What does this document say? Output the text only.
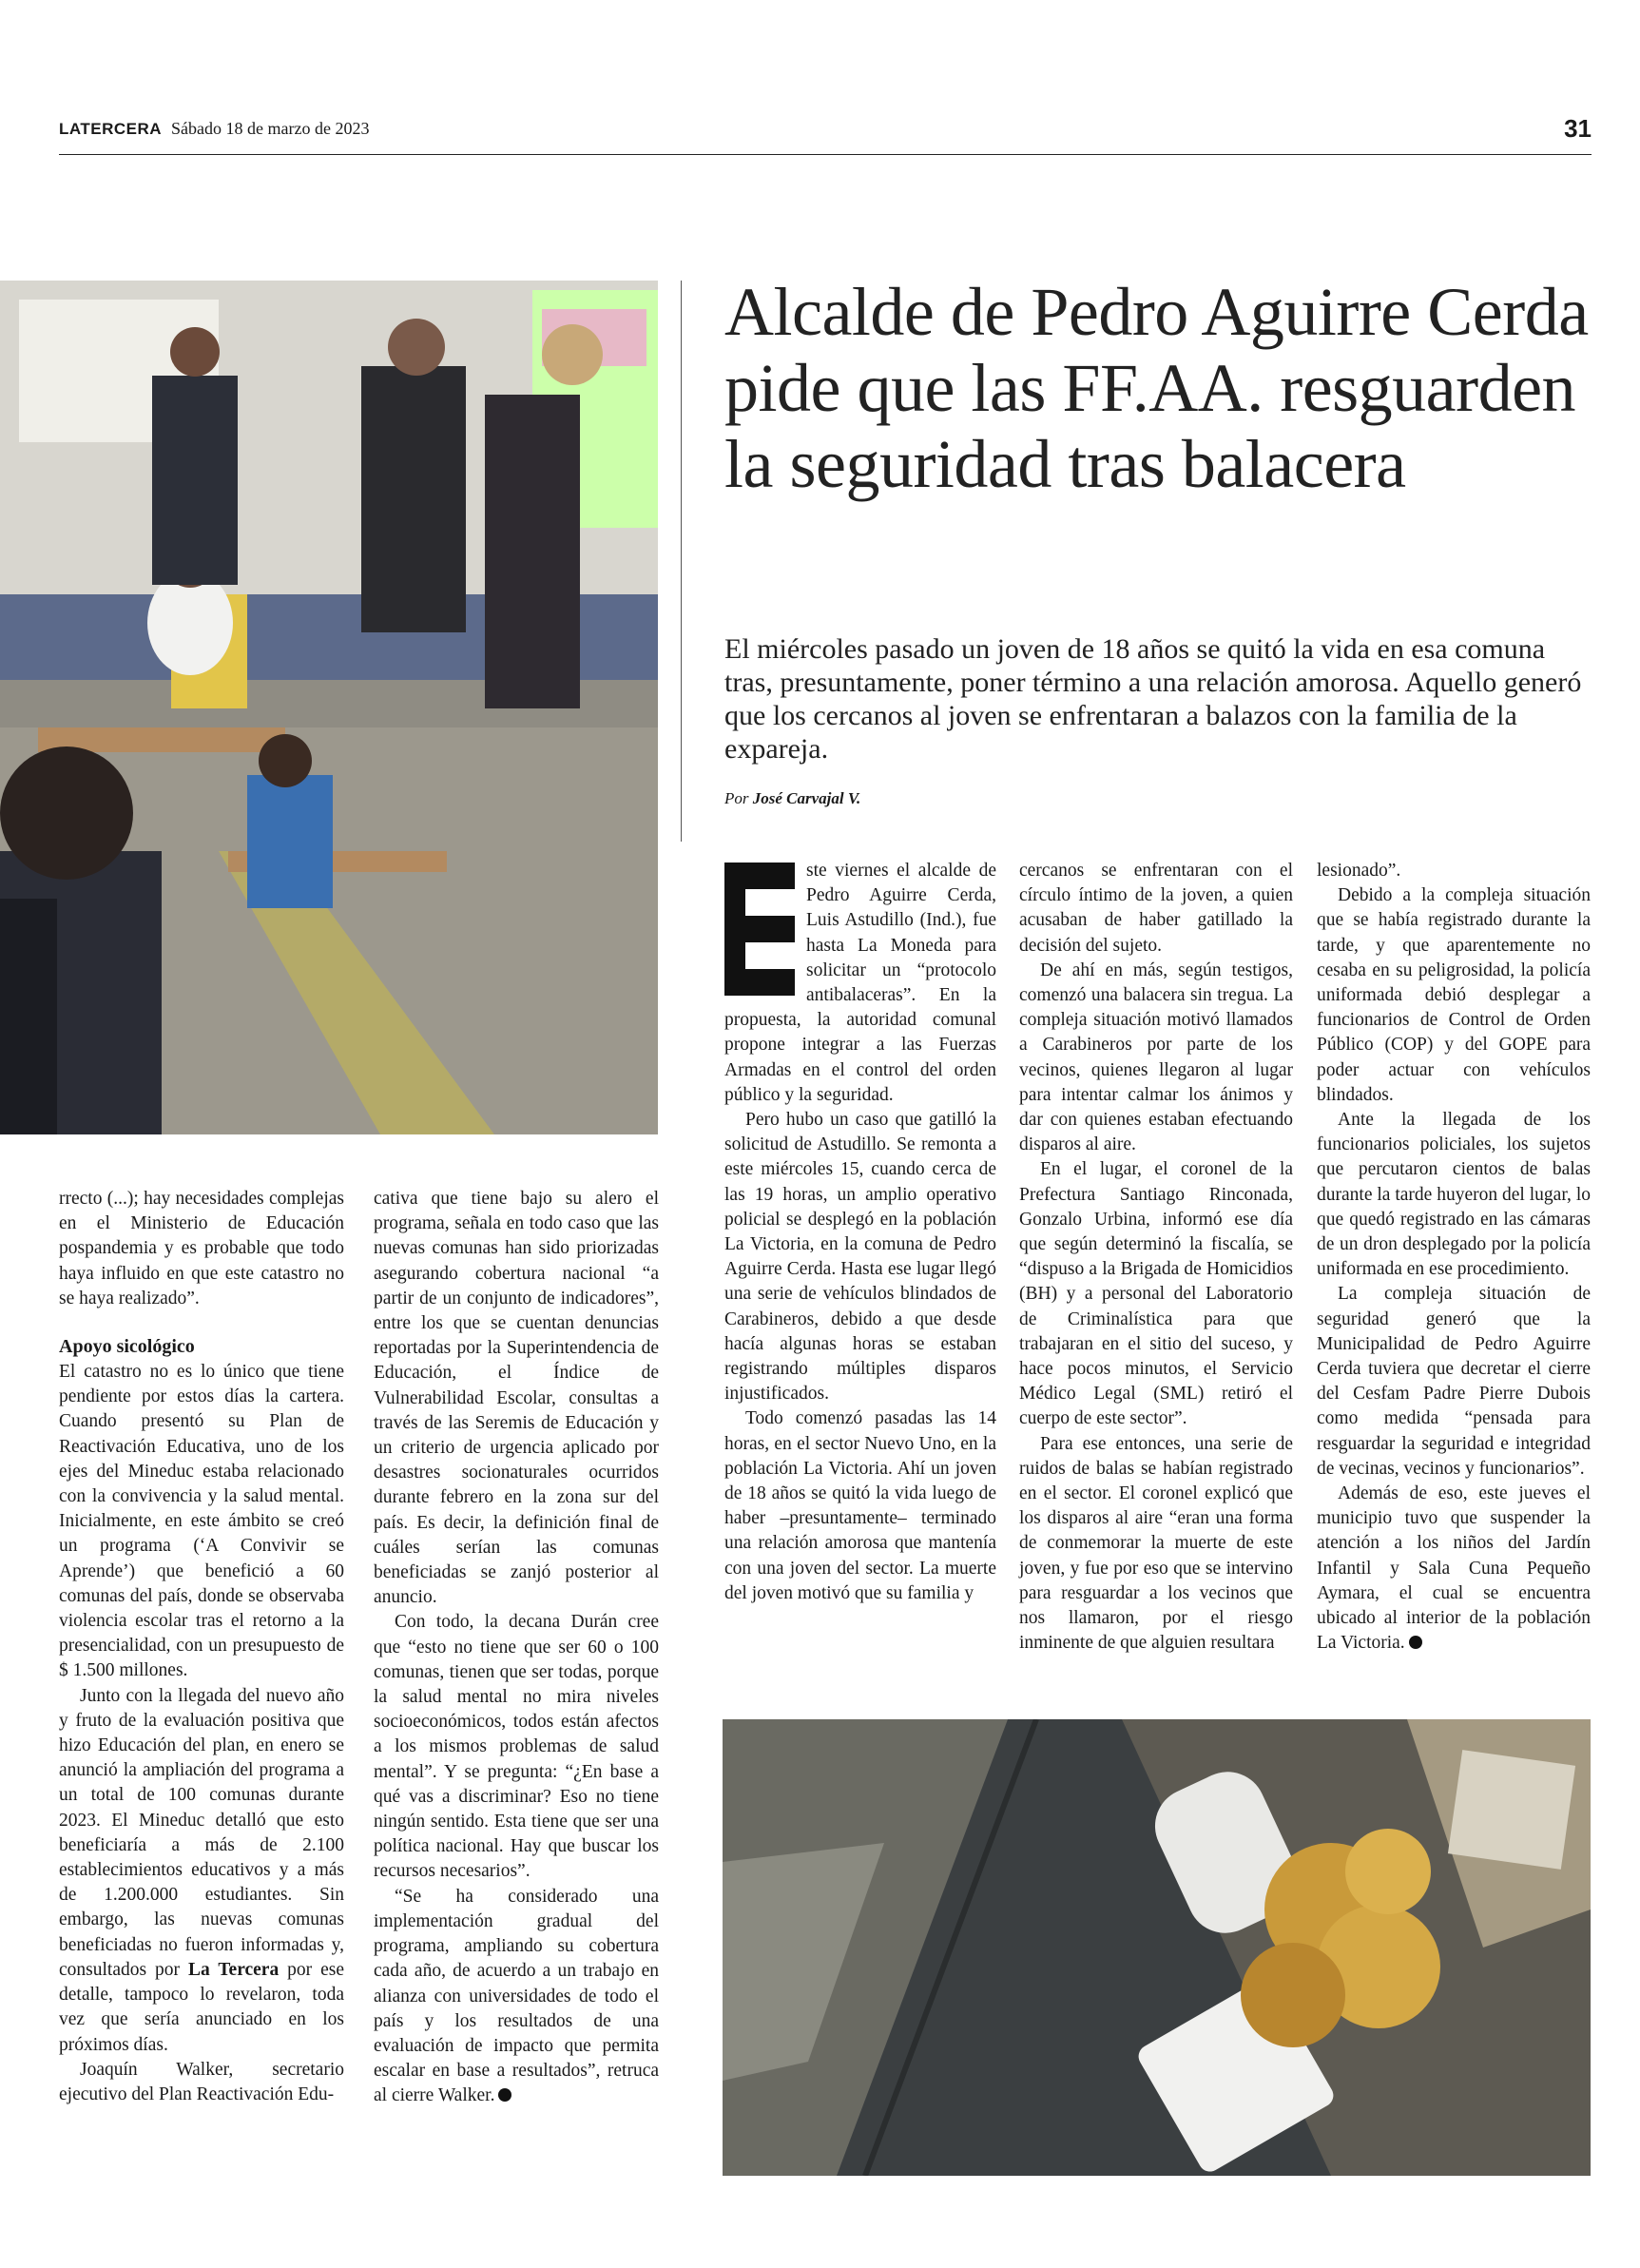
LATERCERA Sábado 18 de marzo de 2023	31
Alcalde de Pedro Aguirre Cerda pide que las FF.AA. resguarden la seguridad tras balacera

El miércoles pasado un joven de 18 años se quitó la vida en esa comuna tras, presuntamente, poner término a una relación amorosa. Aquello generó que los cercanos al joven se enfrentaran a balazos con la familia de la expareja.

Por José Carvajal V.

rrecto (...); hay necesidades complejas en el Ministerio de Educación pospandemia y es probable que todo haya influido en que este catastro no se haya realizado”.

Apoyo sicológico

El catastro no es lo único que tiene pendiente por estos días la cartera. Cuando presentó su Plan de Reactivación Educativa, uno de los ejes del Mineduc estaba relacionado con la convivencia y la salud mental. Inicialmente, en este ámbito se creó un programa (‘A Convivir se Aprende’) que benefició a 60 comunas del país, donde se observaba violencia escolar tras el retorno a la presencialidad, con un presupuesto de $ 1.500 millones.

Junto con la llegada del nuevo año y fruto de la evaluación positiva que hizo Educación del plan, en enero se anunció la ampliación del programa a un total de 100 comunas durante 2023. El Mineduc detalló que esto beneficiaría a más de 2.100 establecimientos educativos y a más de 1.200.000 estudiantes. Sin embargo, las nuevas comunas beneficiadas no fueron informadas y, consultados por La Tercera por ese detalle, tampoco lo revelaron, toda vez que sería anunciado en los próximos días.

Joaquín Walker, secretario ejecutivo del Plan Reactivación Edu-

cativa que tiene bajo su alero el programa, señala en todo caso que las nuevas comunas han sido priorizadas asegurando cobertura nacional “a partir de un conjunto de indicadores”, entre los que se cuentan denuncias reportadas por la Superintendencia de Educación, el Índice de Vulnerabilidad Escolar, consultas a través de las Seremis de Educación y un criterio de urgencia aplicado por desastres socionaturales ocurridos durante febrero en la zona sur del país. Es decir, la definición final de cuáles serían las comunas beneficiadas se zanjó posterior al anuncio.

Con todo, la decana Durán cree que “esto no tiene que ser 60 o 100 comunas, tienen que ser todas, porque la salud mental no mira niveles socioeconómicos, todos están afectos a los mismos problemas de salud mental”. Y se pregunta: “¿En base a qué vas a discriminar? Eso no tiene ningún sentido. Esta tiene que ser una política nacional. Hay que buscar los recursos necesarios”.

“Se ha considerado una implementación gradual del programa, ampliando su cobertura cada año, de acuerdo a un trabajo en alianza con universidades de todo el país y los resultados de una evaluación de impacto que permita escalar en base a resultados”, retruca al cierre Walker.

ste viernes el alcalde de Pedro Aguirre Cerda, Luis Astudillo (Ind.), fue hasta La Moneda para solicitar un “protocolo antibalaceras”. En la propuesta, la autoridad comunal propone integrar a las Fuerzas Armadas en el control del orden público y la seguridad.

Pero hubo un caso que gatilló la solicitud de Astudillo. Se remonta a este miércoles 15, cuando cerca de las 19 horas, un amplio operativo policial se desplegó en la población La Victoria, en la comuna de Pedro Aguirre Cerda. Hasta ese lugar llegó una serie de vehículos blindados de Carabineros, debido a que desde hacía algunas horas se estaban registrando múltiples disparos injustificados.

Todo comenzó pasadas las 14 horas, en el sector Nuevo Uno, en la población La Victoria. Ahí un joven de 18 años se quitó la vida luego de haber –presuntamente– terminado una relación amorosa que mantenía con una joven del sector. La muerte del joven motivó que su familia y

cercanos se enfrentaran con el círculo íntimo de la joven, a quien acusaban de haber gatillado la decisión del sujeto.

De ahí en más, según testigos, comenzó una balacera sin tregua. La compleja situación motivó llamados a Carabineros por parte de los vecinos, quienes llegaron al lugar para intentar calmar los ánimos y dar con quienes estaban efectuando disparos al aire.

En el lugar, el coronel de la Prefectura Santiago Rinconada, Gonzalo Urbina, informó ese día que según determinó la fiscalía, se “dispuso a la Brigada de Homicidios (BH) y a personal del Laboratorio de Criminalística para que trabajaran en el sitio del suceso, y hace pocos minutos, el Servicio Médico Legal (SML) retiró el cuerpo de este sector”.

Para ese entonces, una serie de ruidos de balas se habían registrado en el sector. El coronel explicó que los disparos al aire “eran una forma de conmemorar la muerte de este joven, y fue por eso que se intervino para resguardar a los vecinos que nos llamaron, por el riesgo inminente de que alguien resultara

lesionado”.

Debido a la compleja situación que se había registrado durante la tarde, y que aparentemente no cesaba en su peligrosidad, la policía uniformada debió desplegar a funcionarios de Control de Orden Público (COP) y del GOPE para poder actuar con vehículos blindados.

Ante la llegada de los funcionarios policiales, los sujetos que percutaron cientos de balas durante la tarde huyeron del lugar, lo que quedó registrado en las cámaras de un dron desplegado por la policía uniformada en ese procedimiento.

La compleja situación de seguridad generó que la Municipalidad de Pedro Aguirre Cerda tuviera que decretar el cierre del Cesfam Padre Pierre Dubois como medida “pensada para resguardar la seguridad e integridad de vecinas, vecinos y funcionarios”.

Además de eso, este jueves el municipio tuvo que suspender la atención a los niños del Jardín Infantil y Sala Cuna Pequeño Aymara, el cual se encuentra ubicado al interior de la población La Victoria.
